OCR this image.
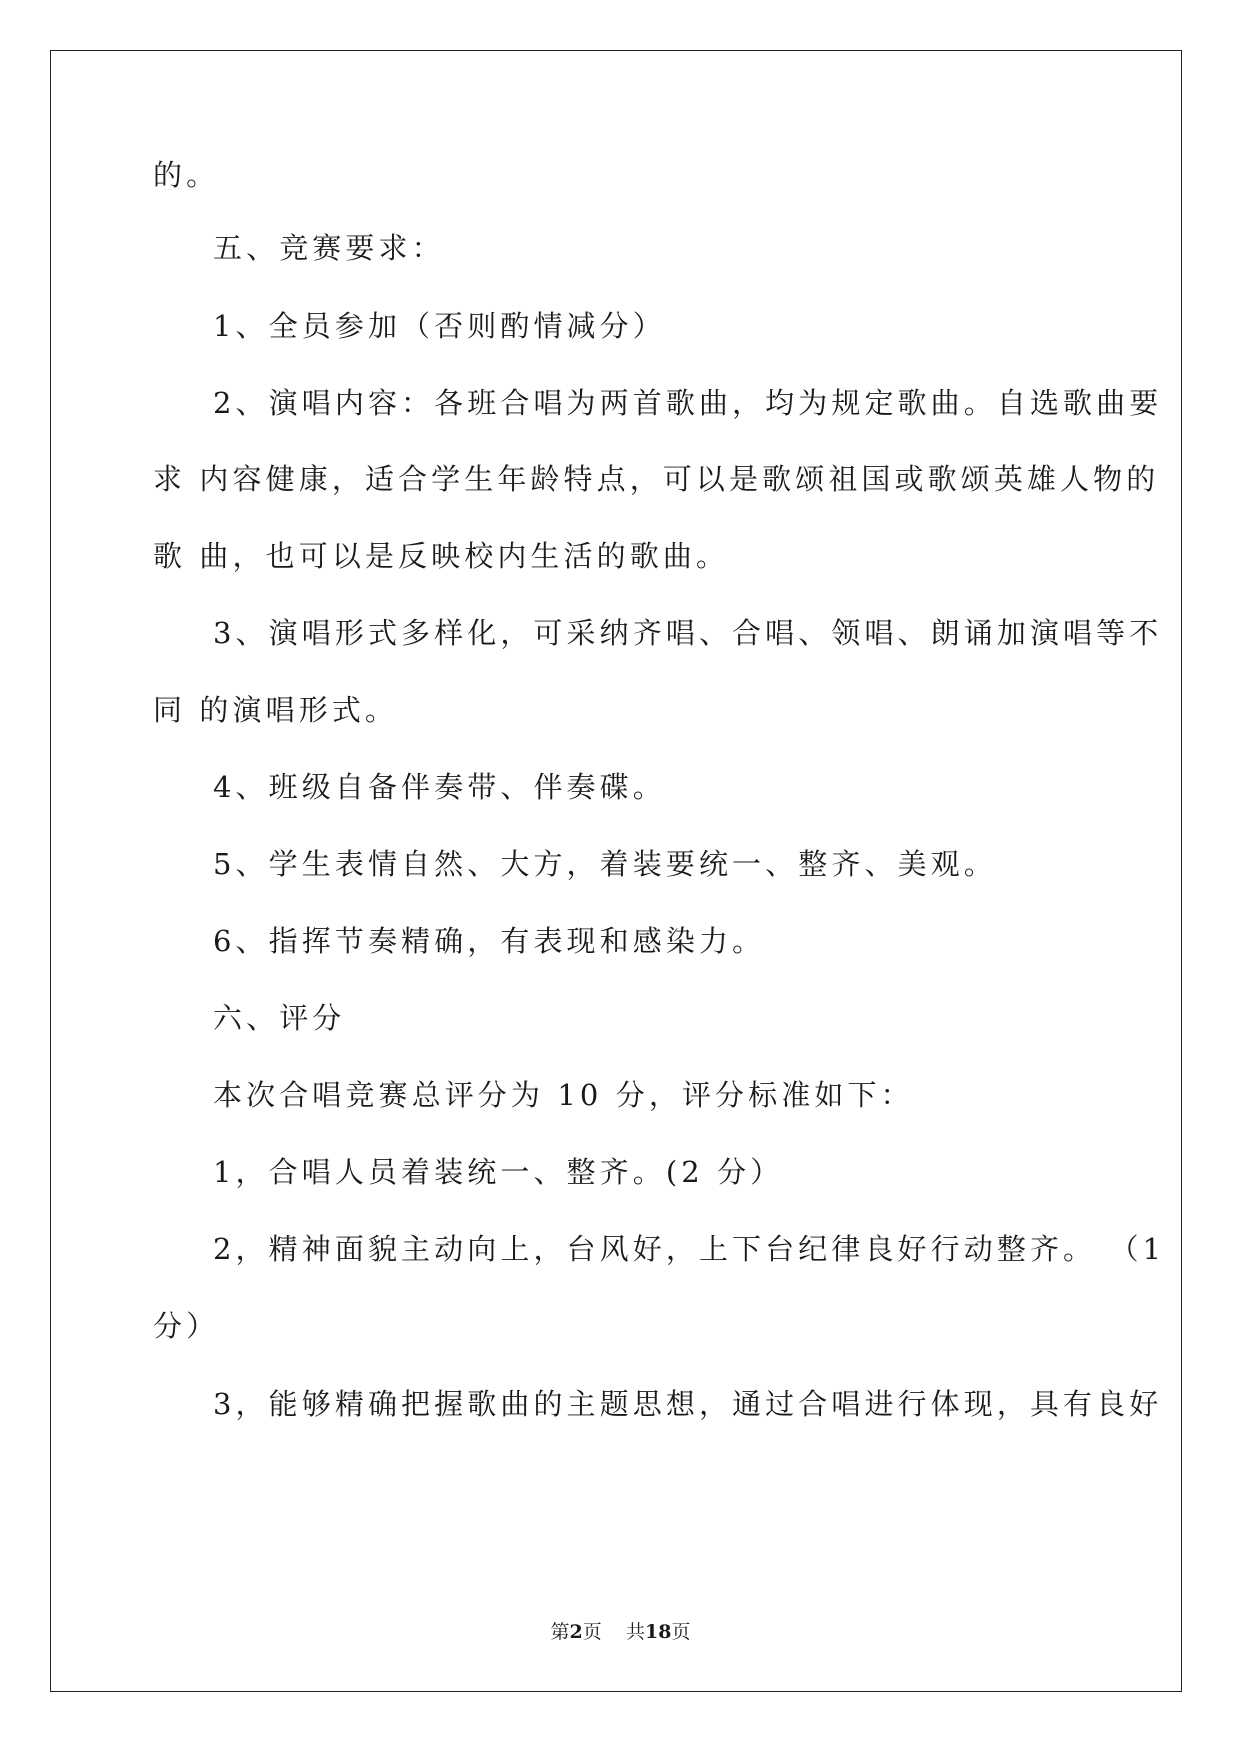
的。
五、竞赛要求：
1、全员参加（否则酌情减分）
2、演唱内容：各班合唱为两首歌曲，均为规定歌曲。自选歌曲要
求 内容健康，适合学生年龄特点，可以是歌颂祖国或歌颂英雄人物的
歌 曲，也可以是反映校内生活的歌曲。
3、演唱形式多样化，可采纳齐唱、合唱、领唱、朗诵加演唱等不
同 的演唱形式。
4、班级自备伴奏带、伴奏碟。
5、学生表情自然、大方，着装要统一、整齐、美观。
6、指挥节奏精确，有表现和感染力。
六、评分
本次合唱竞赛总评分为 10 分，评分标准如下：
1，合唱人员着装统一、整齐。(2 分）
2，精神面貌主动向上，台风好，上下台纪律良好行动整齐。 （1
分）
3，能够精确把握歌曲的主题思想，通过合唱进行体现，具有良好
第2页 共18页
